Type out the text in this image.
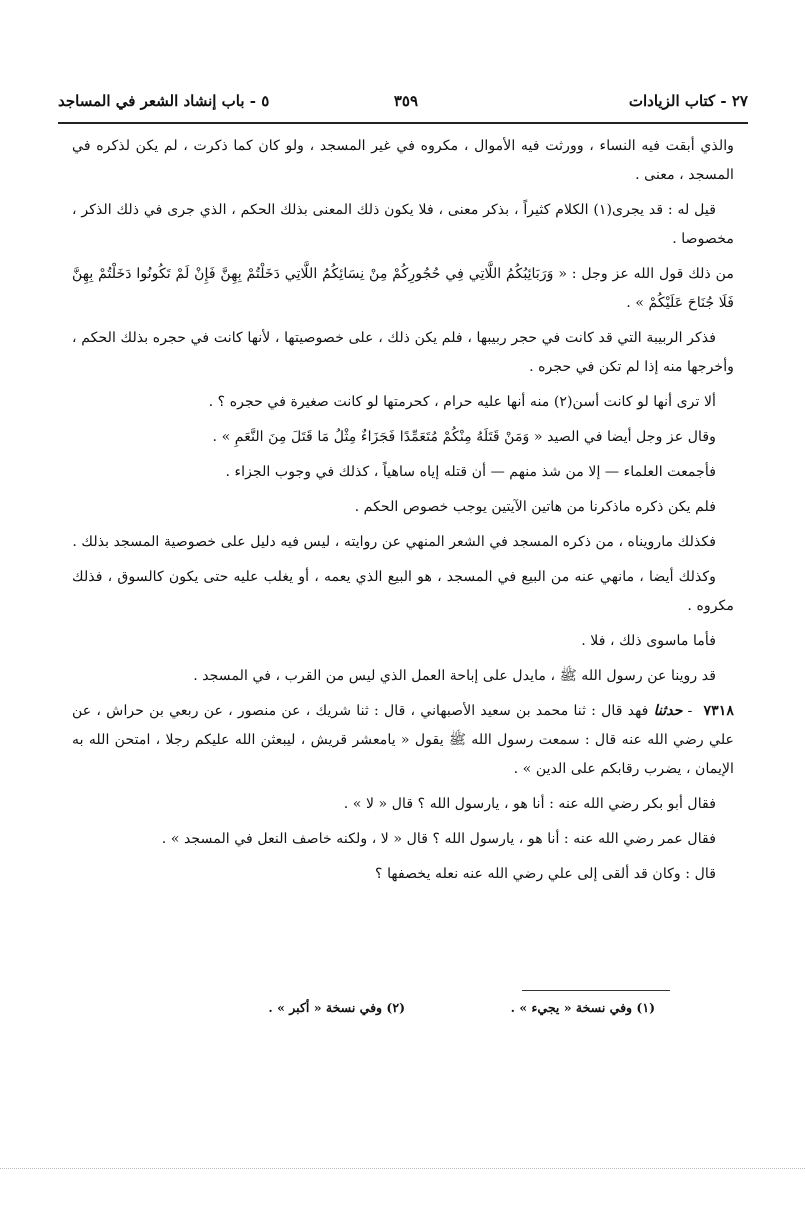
٢٧ - كتاب الزيادات
٣٥٩
٥ - باب إنشاد الشعر في المساجد

والذي أبقت فيه النساء ، وورثت فيه الأموال ، مكروه في غير المسجد ، ولو كان كما ذكرت ، لم يكن لذكره في المسجد ، معنى .

قيل له : قد يجرى(١) الكلام كثيراً ، بذكر معنى ، فلا يكون ذلك المعنى بذلك الحكم ، الذي جرى في ذلك الذكر ، مخصوصا .

من ذلك قول الله عز وجل : « وَرَبَائِبُكُمُ اللَّاتِي فِي حُجُورِكُمْ مِنْ نِسَائِكُمُ اللَّاتِي دَخَلْتُمْ بِهِنَّ فَإِنْ لَمْ تَكُونُوا دَخَلْتُمْ بِهِنَّ فَلَا جُنَاحَ عَلَيْكُمْ » .

فذكر الربيبة التي قد كانت في حجر ربيبها ، فلم يكن ذلك ، على خصوصيتها ، لأنها كانت في حجره بذلك الحكم ، وأخرجها منه إذا لم تكن في حجره .

ألا ترى أنها لو كانت أسن(٢) منه أنها عليه حرام ، كحرمتها لو كانت صغيرة في حجره ؟ .

وقال عز وجل أيضا في الصيد « وَمَنْ قَتَلَهُ مِنْكُمْ مُتَعَمِّدًا فَجَزَاءٌ مِثْلُ مَا قَتَلَ مِنَ النَّعَمِ » .

فأجمعت العلماء — إلا من شذ منهم — أن قتله إياه ساهياً ، كذلك في وجوب الجزاء .

فلم يكن ذكره ماذكرنا من هاتين الآيتين يوجب خصوص الحكم .

فكذلك مارويناه ، من ذكره المسجد في الشعر المنهي عن روايته ، ليس فيه دليل على خصوصية المسجد بذلك .

وكذلك أيضا ، مانهي عنه من البيع في المسجد ، هو البيع الذي يعمه ، أو يغلب عليه حتى يكون كالسوق ، فذلك مكروه .

فأما ماسوى ذلك ، فلا .

قد روينا عن رسول الله ﷺ ، مايدل على إباحة العمل الذي ليس من القرب ، في المسجد .

٧٣١٨ - حدثنا فهد قال : ثنا محمد بن سعيد الأصبهاني ، قال : ثنا شريك ، عن منصور ، عن ربعي بن حراش ، عن علي رضي الله عنه قال : سمعت رسول الله ﷺ يقول « يامعشر قريش ، ليبعثن الله عليكم رجلا ، امتحن الله به الإيمان ، يضرب رقابكم على الدين » .

فقال أبو بكر رضي الله عنه : أنا هو ، يارسول الله ؟ قال « لا » .

فقال عمر رضي الله عنه : أنا هو ، يارسول الله ؟ قال « لا ، ولكنه خاصف النعل في المسجد » .

قال : وكان قد ألقى إلى علي رضي الله عنه نعله يخصفها ؟

(١) وفي نسخة « يجيء » .
(٢) وفي نسخة « أكبر » .
